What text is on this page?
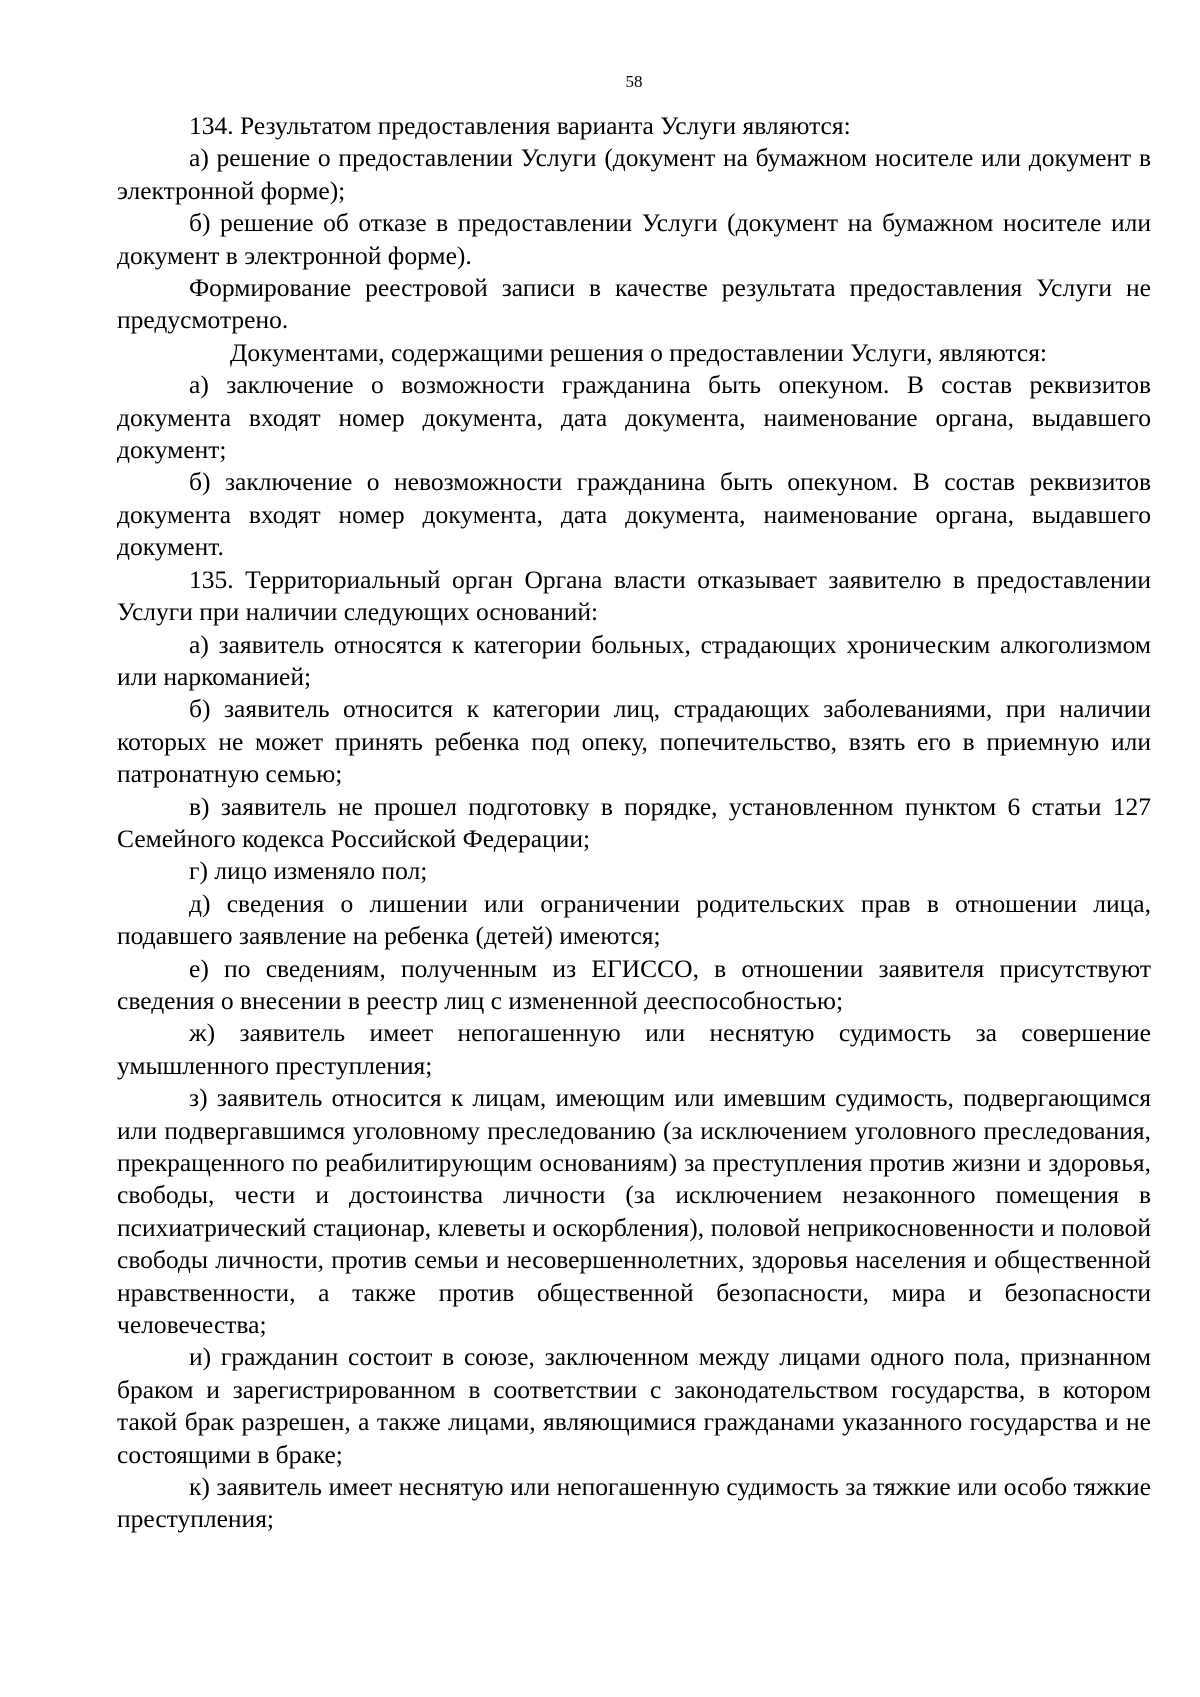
58

134. Результатом предоставления варианта Услуги являются:

а) решение о предоставлении Услуги (документ на бумажном носителе или документ в электронной форме);

б) решение об отказе в предоставлении Услуги (документ на бумажном носителе или документ в электронной форме).

Формирование реестровой записи в качестве результата предоставления Услуги не предусмотрено.

Документами, содержащими решения о предоставлении Услуги, являются:

а) заключение о возможности гражданина быть опекуном. В состав реквизитов документа входят номер документа, дата документа, наименование органа, выдавшего документ;

б) заключение о невозможности гражданина быть опекуном. В состав реквизитов документа входят номер документа, дата документа, наименование органа, выдавшего документ.

135. Территориальный орган Органа власти отказывает заявителю в предоставлении Услуги при наличии следующих оснований:

а) заявитель относятся к категории больных, страдающих хроническим алкоголизмом или наркоманией;

б) заявитель относится к категории лиц, страдающих заболеваниями, при наличии которых не может принять ребенка под опеку, попечительство, взять его в приемную или патронатную семью;

в) заявитель не прошел подготовку в порядке, установленном пунктом 6 статьи 127 Семейного кодекса Российской Федерации;

г) лицо изменяло пол;

д) сведения о лишении или ограничении родительских прав в отношении лица, подавшего заявление на ребенка (детей) имеются;

е) по сведениям, полученным из ЕГИССО, в отношении заявителя присутствуют сведения о внесении в реестр лиц с измененной дееспособностью;

ж) заявитель имеет непогашенную или неснятую судимость за совершение умышленного преступления;

з) заявитель относится к лицам, имеющим или имевшим судимость, подвергающимся или подвергавшимся уголовному преследованию (за исключением уголовного преследования, прекращенного по реабилитирующим основаниям) за преступления против жизни и здоровья, свободы, чести и достоинства личности (за исключением незаконного помещения в психиатрический стационар, клеветы и оскорбления), половой неприкосновенности и половой свободы личности, против семьи и несовершеннолетних, здоровья населения и общественной нравственности, а также против общественной безопасности, мира и безопасности человечества;

и) гражданин состоит в союзе, заключенном между лицами одного пола, признанном браком и зарегистрированном в соответствии с законодательством государства, в котором такой брак разрешен, а также лицами, являющимися гражданами указанного государства и не состоящими в браке;

к) заявитель имеет неснятую или непогашенную судимость за тяжкие или особо тяжкие преступления;
